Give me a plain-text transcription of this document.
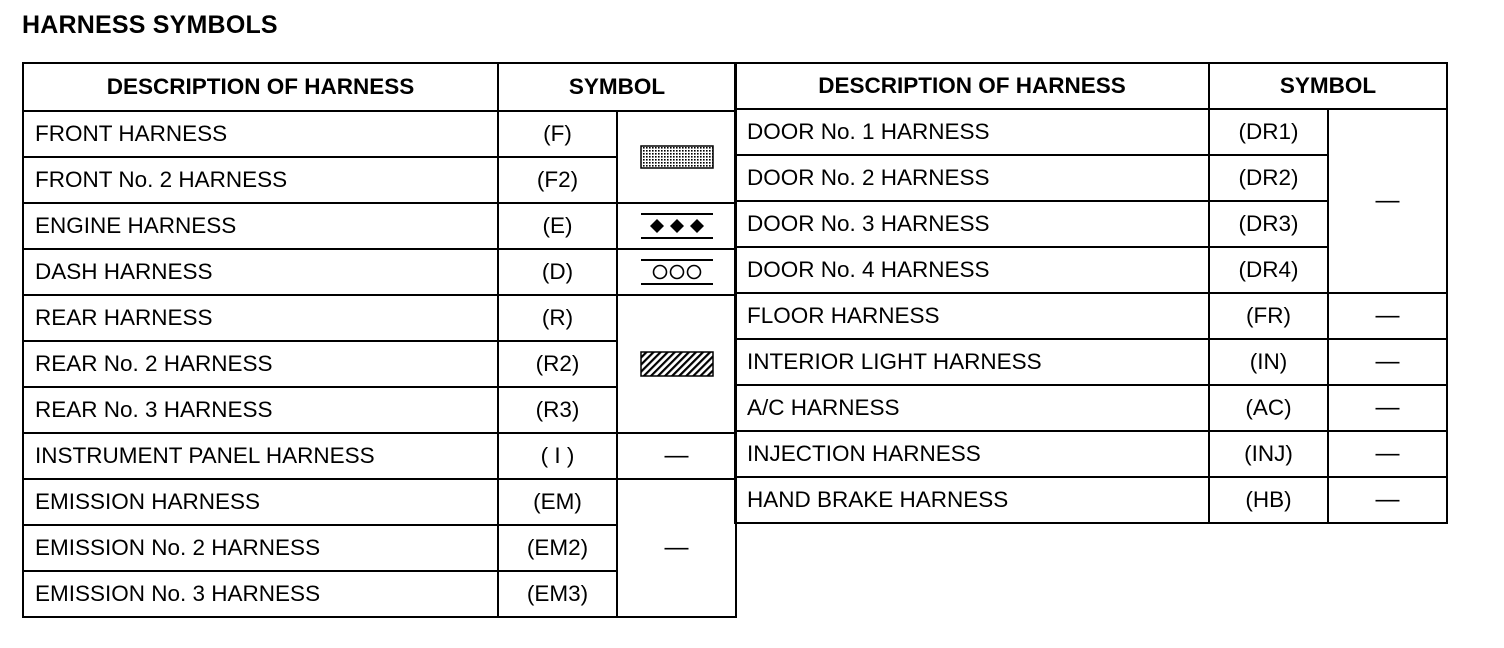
HARNESS SYMBOLS
DESCRIPTION OF HARNESS	SYMBOL	
FRONT HARNESS	(F)	

FRONT No. 2 HARNESS	(F2)	
ENGINE HARNESS	(E)	

DASH HARNESS	(D)	

REAR HARNESS	(R)	

REAR No. 2 HARNESS	(R2)	
REAR No. 3 HARNESS	(R3)	
INSTRUMENT PANEL HARNESS	( I )	—
EMISSION HARNESS	(EM)	—
EMISSION No. 2 HARNESS	(EM2)	
EMISSION No. 3 HARNESS	(EM3)	
DESCRIPTION OF HARNESS	SYMBOL	
DOOR No. 1 HARNESS	(DR1)	—
DOOR No. 2 HARNESS	(DR2)	
DOOR No. 3 HARNESS	(DR3)	
DOOR No. 4 HARNESS	(DR4)	
FLOOR HARNESS	(FR)	—
INTERIOR LIGHT HARNESS	(IN)	—
A/C HARNESS	(AC)	—
INJECTION HARNESS	(INJ)	—
HAND BRAKE HARNESS	(HB)	—
